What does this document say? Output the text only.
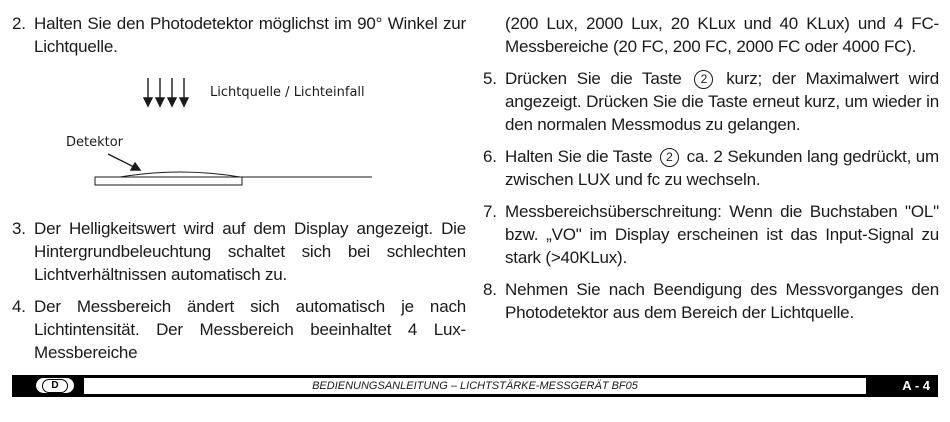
2. Halten Sie den Photodetektor möglichst im 90° Winkel zur Lichtquelle.

Lichtquelle / Lichteinfall
Detektor

3. Der Helligkeitswert wird auf dem Display angezeigt. Die Hintergrundbeleuchtung schaltet sich bei schlechten Lichtverhältnissen automatisch zu.

4. Der Messbereich ändert sich automatisch je nach Lichtintensität. Der Messbereich beeinhaltet 4 Lux-Messbereiche

(200 Lux, 2000 Lux, 20 KLux und 40 KLux) und 4 FC-Messbereiche (20 FC, 200 FC, 2000 FC oder 4000 FC).

5. Drücken Sie die Taste 2 kurz; der Maximalwert wird angezeigt. Drücken Sie die Taste erneut kurz, um wieder in den normalen Messmodus zu gelangen.

6. Halten Sie die Taste 2 ca. 2 Sekunden lang gedrückt, um zwischen LUX und fc zu wechseln.

7. Messbereichsüberschreitung: Wenn die Buchstaben "OL" bzw. „VO" im Display erscheinen ist das Input-Signal zu stark (>40KLux).

8. Nehmen Sie nach Beendigung des Messvorganges den Photodetektor aus dem Bereich der Lichtquelle.

D	BEDIENUNGSANLEITUNG – LICHTSTÄRKE-MESSGERÄT BF05	A - 4
